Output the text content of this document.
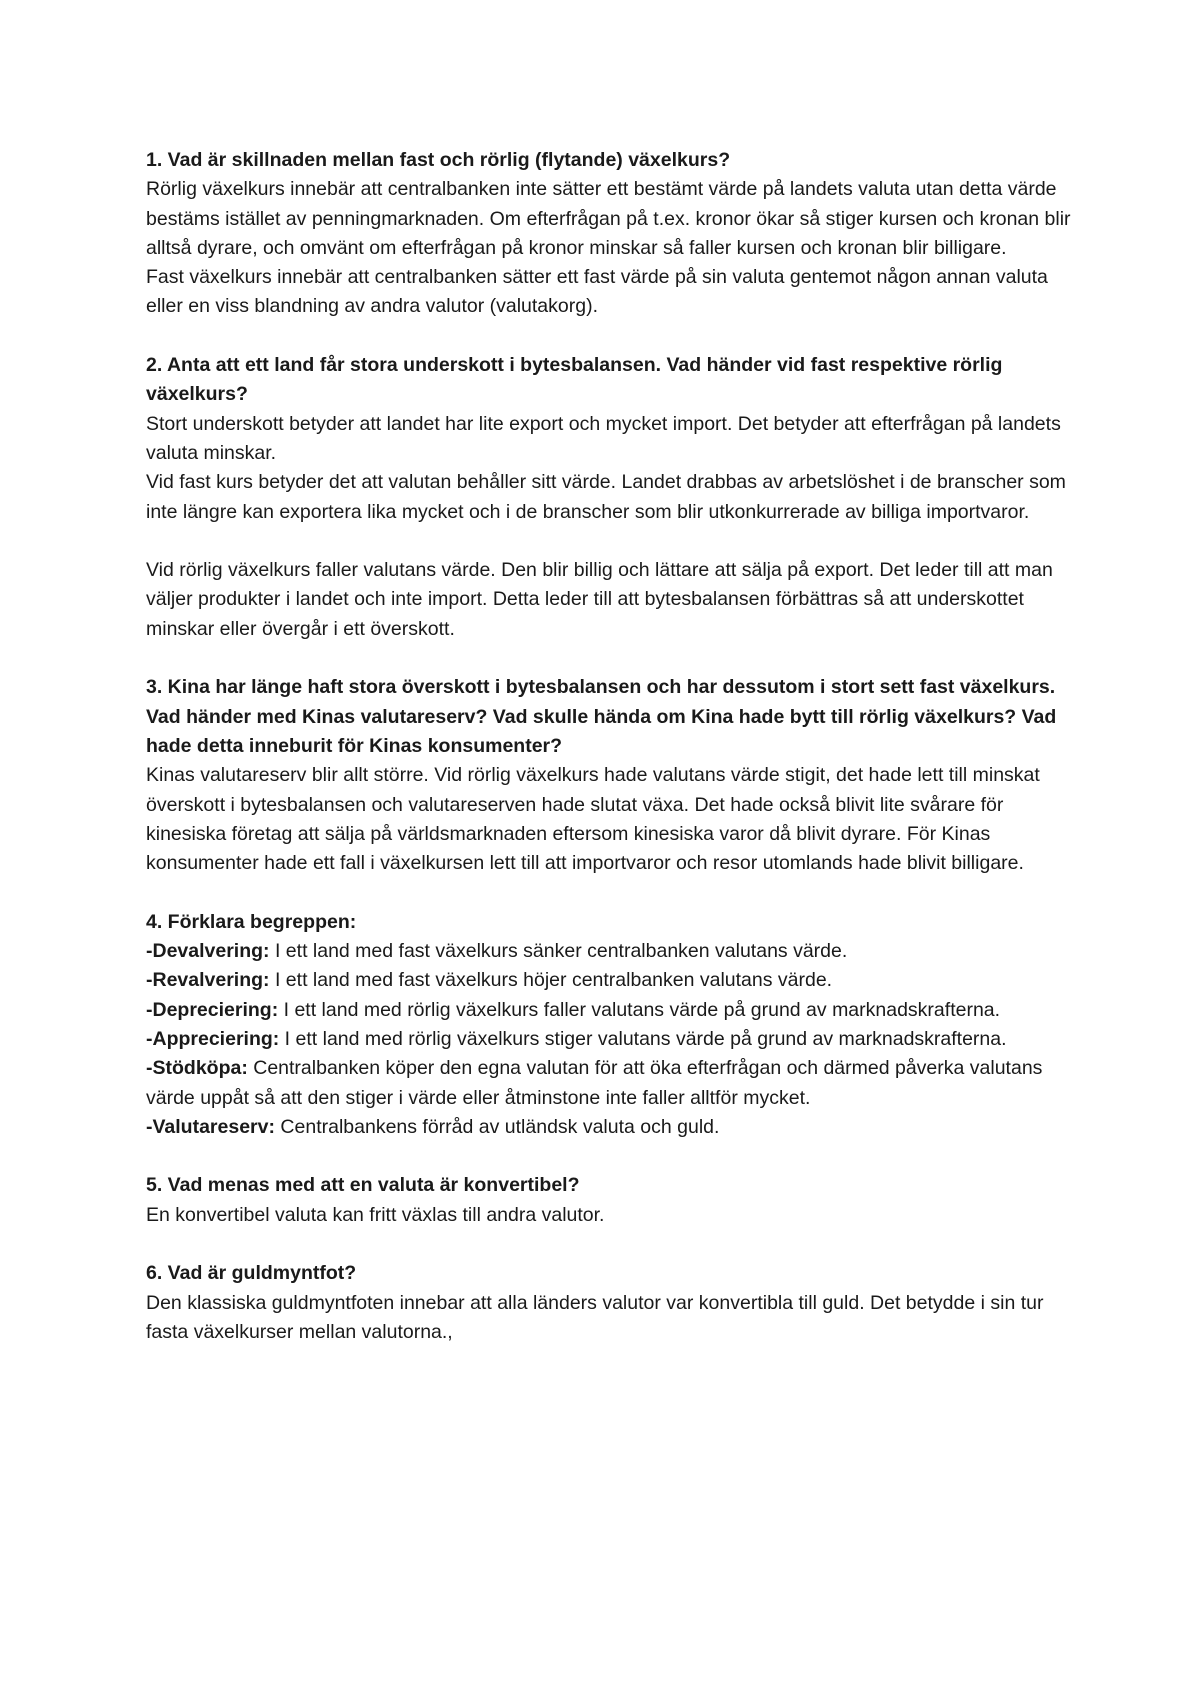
1. Vad är skillnaden mellan fast och rörlig (flytande) växelkurs?

Rörlig växelkurs innebär att centralbanken inte sätter ett bestämt värde på landets valuta utan detta värde bestäms istället av penningmarknaden. Om efterfrågan på t.ex. kronor ökar så stiger kursen och kronan blir alltså dyrare, och omvänt om efterfrågan på kronor minskar så faller kursen och kronan blir billigare.

Fast växelkurs innebär att centralbanken sätter ett fast värde på sin valuta gentemot någon annan valuta eller en viss blandning av andra valutor (valutakorg).

2. Anta att ett land får stora underskott i bytesbalansen. Vad händer vid fast respektive rörlig växelkurs?

Stort underskott betyder att landet har lite export och mycket import. Det betyder att efterfrågan på landets valuta minskar.

Vid fast kurs betyder det att valutan behåller sitt värde. Landet drabbas av arbetslöshet i de branscher som inte längre kan exportera lika mycket och i de branscher som blir utkonkurrerade av billiga importvaror.

Vid rörlig växelkurs faller valutans värde. Den blir billig och lättare att sälja på export. Det leder till att man väljer produkter i landet och inte import. Detta leder till att bytesbalansen förbättras så att underskottet minskar eller övergår i ett överskott.

3. Kina har länge haft stora överskott i bytesbalansen och har dessutom i stort sett fast växelkurs. Vad händer med Kinas valutareserv? Vad skulle hända om Kina hade bytt till rörlig växelkurs? Vad hade detta inneburit för Kinas konsumenter?

Kinas valutareserv blir allt större. Vid rörlig växelkurs hade valutans värde stigit, det hade lett till minskat överskott i bytesbalansen och valutareserven hade slutat växa. Det hade också blivit lite svårare för kinesiska företag att sälja på världsmarknaden eftersom kinesiska varor då blivit dyrare. För Kinas konsumenter hade ett fall i växelkursen lett till att importvaror och resor utomlands hade blivit billigare.

4. Förklara begreppen:

-Devalvering: I ett land med fast växelkurs sänker centralbanken valutans värde.

-Revalvering: I ett land med fast växelkurs höjer centralbanken valutans värde.

-Depreciering: I ett land med rörlig växelkurs faller valutans värde på grund av marknadskrafterna.

-Appreciering: I ett land med rörlig växelkurs stiger valutans värde på grund av marknadskrafterna.

-Stödköpa: Centralbanken köper den egna valutan för att öka efterfrågan och därmed påverka valutans värde uppåt så att den stiger i värde eller åtminstone inte faller alltför mycket.

-Valutareserv: Centralbankens förråd av utländsk valuta och guld.

5. Vad menas med att en valuta är konvertibel?

En konvertibel valuta kan fritt växlas till andra valutor.

6. Vad är guldmyntfot?

Den klassiska guldmyntfoten innebar att alla länders valutor var konvertibla till guld. Det betydde i sin tur fasta växelkurser mellan valutorna.,
